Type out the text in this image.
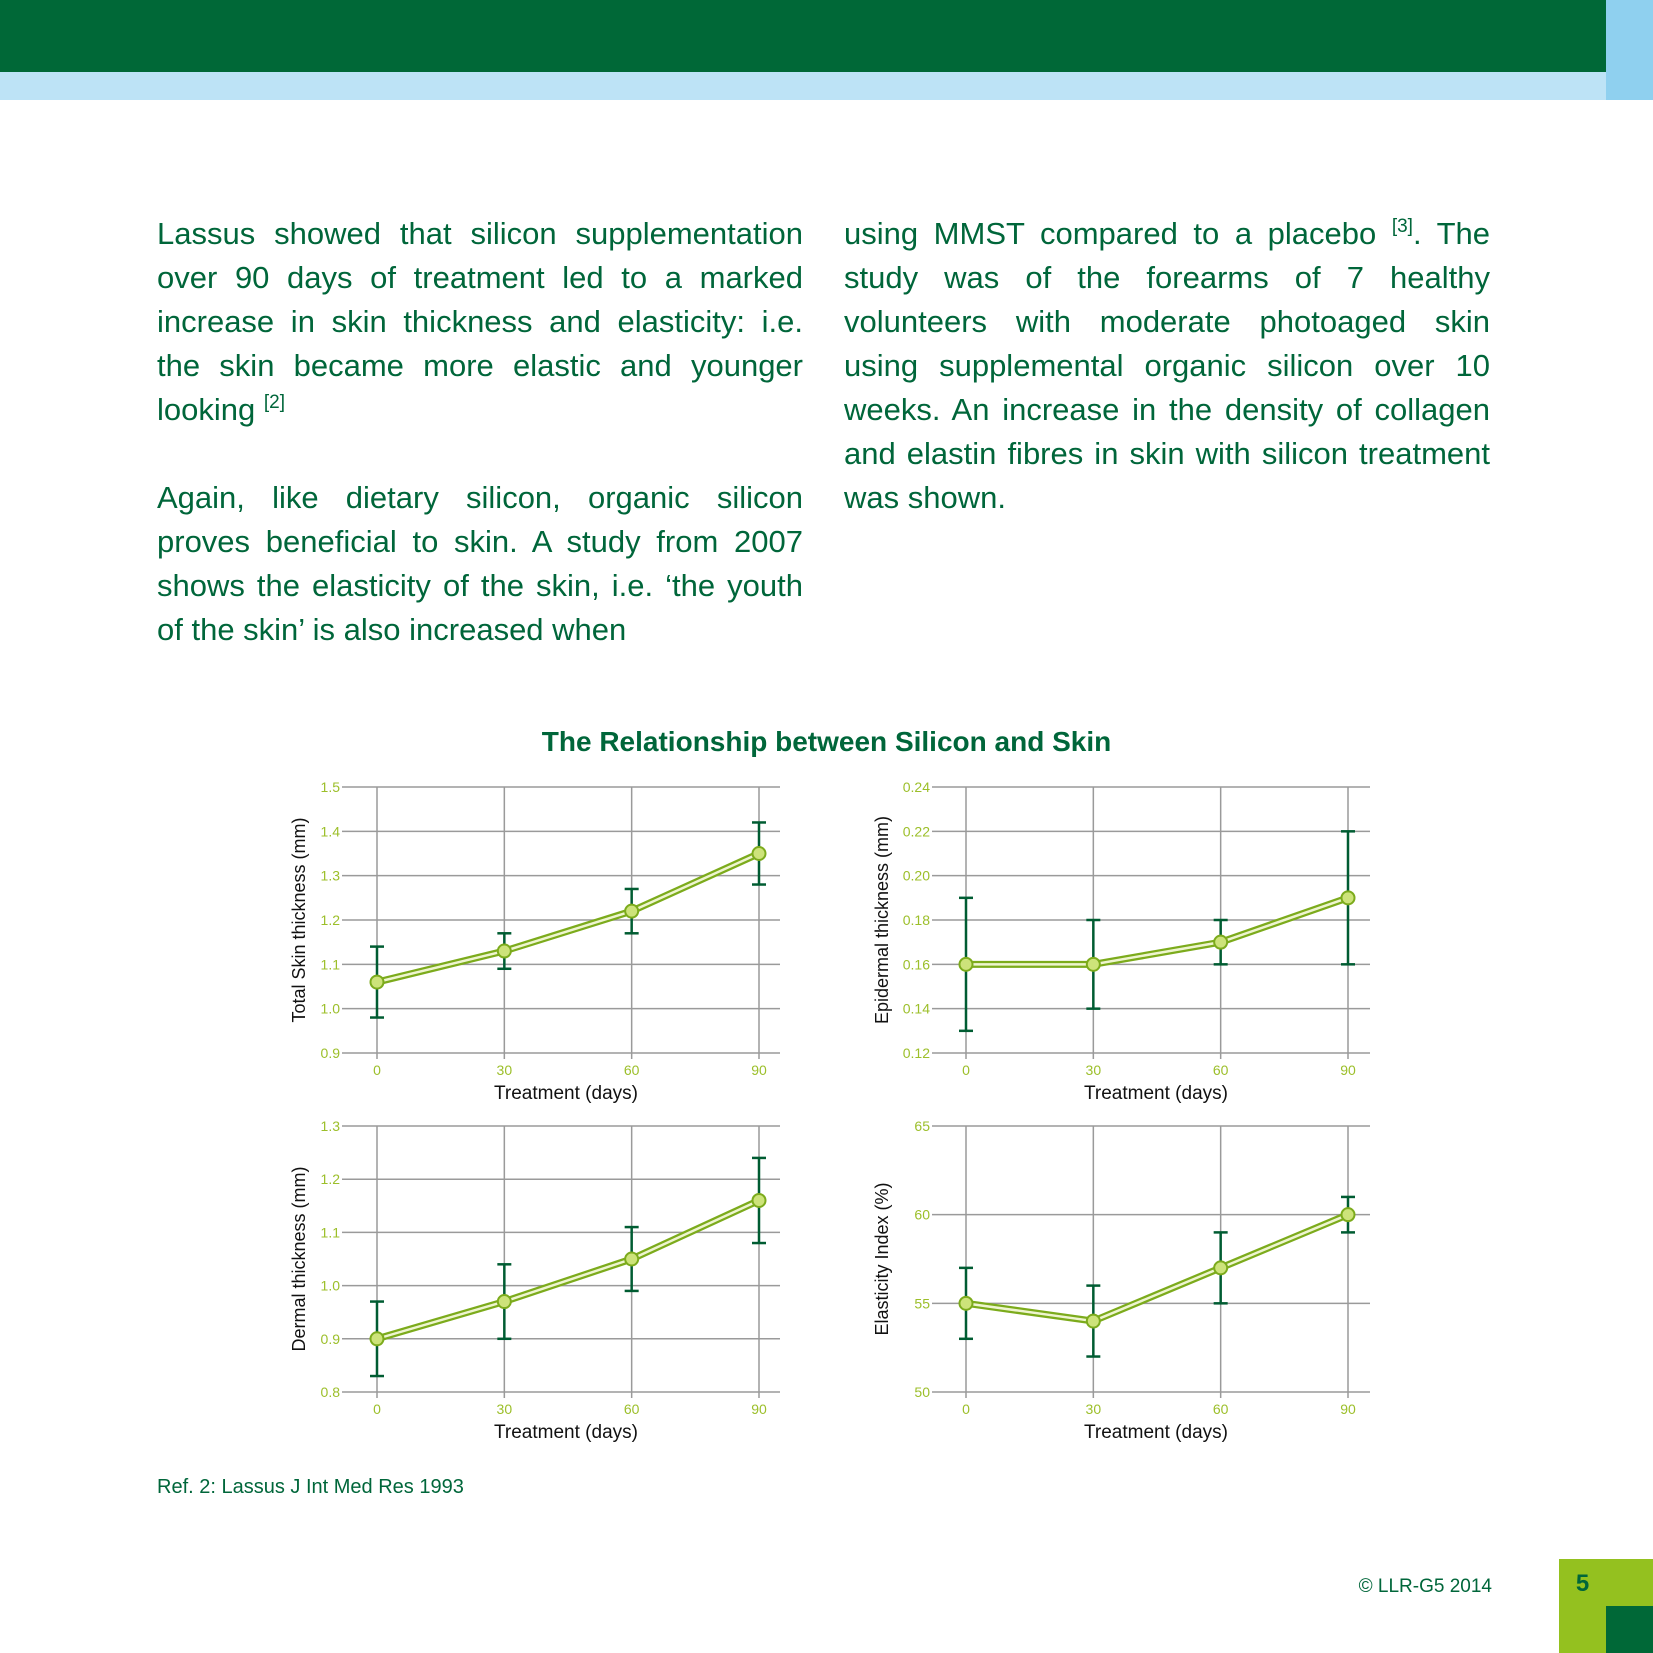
Lassus showed that silicon supplementation over 90 days of treatment led to a marked increase in skin thickness and elasticity: i.e. the skin became more elastic and younger looking [2]

Again, like dietary silicon, organic silicon proves beneficial to skin. A study from 2007 shows the elasticity of the skin, i.e. ‘the youth of the skin’ is also increased when

using MMST compared to a placebo [3]. The study was of the forearms of 7 healthy volunteers with moderate photoaged skin using supplemental organic silicon over 10 weeks. An increase in the density of collagen and elastin fibres in skin with silicon treatment was shown.

The Relationship between Silicon and Skin
0.9
1.0
1.1
1.2
1.3
1.4
1.5
0	30	60	90
Treatment (days)
Total Skin thickness (mm)
0.12
0.14
0.16
0.18
0.20
0.22
0.24
0	30	60	90
Treatment (days)
Epidermal thickness (mm)
0.8
0.9
1.0
1.1
1.2
1.3
0	30	60	90
Treatment (days)
Dermal thickness (mm)
50
55
60
65
0	30	60	90
Treatment (days)
Elasticity Index (%)
Ref. 2: Lassus J Int Med Res 1993
© LLR-G5 2014	5
